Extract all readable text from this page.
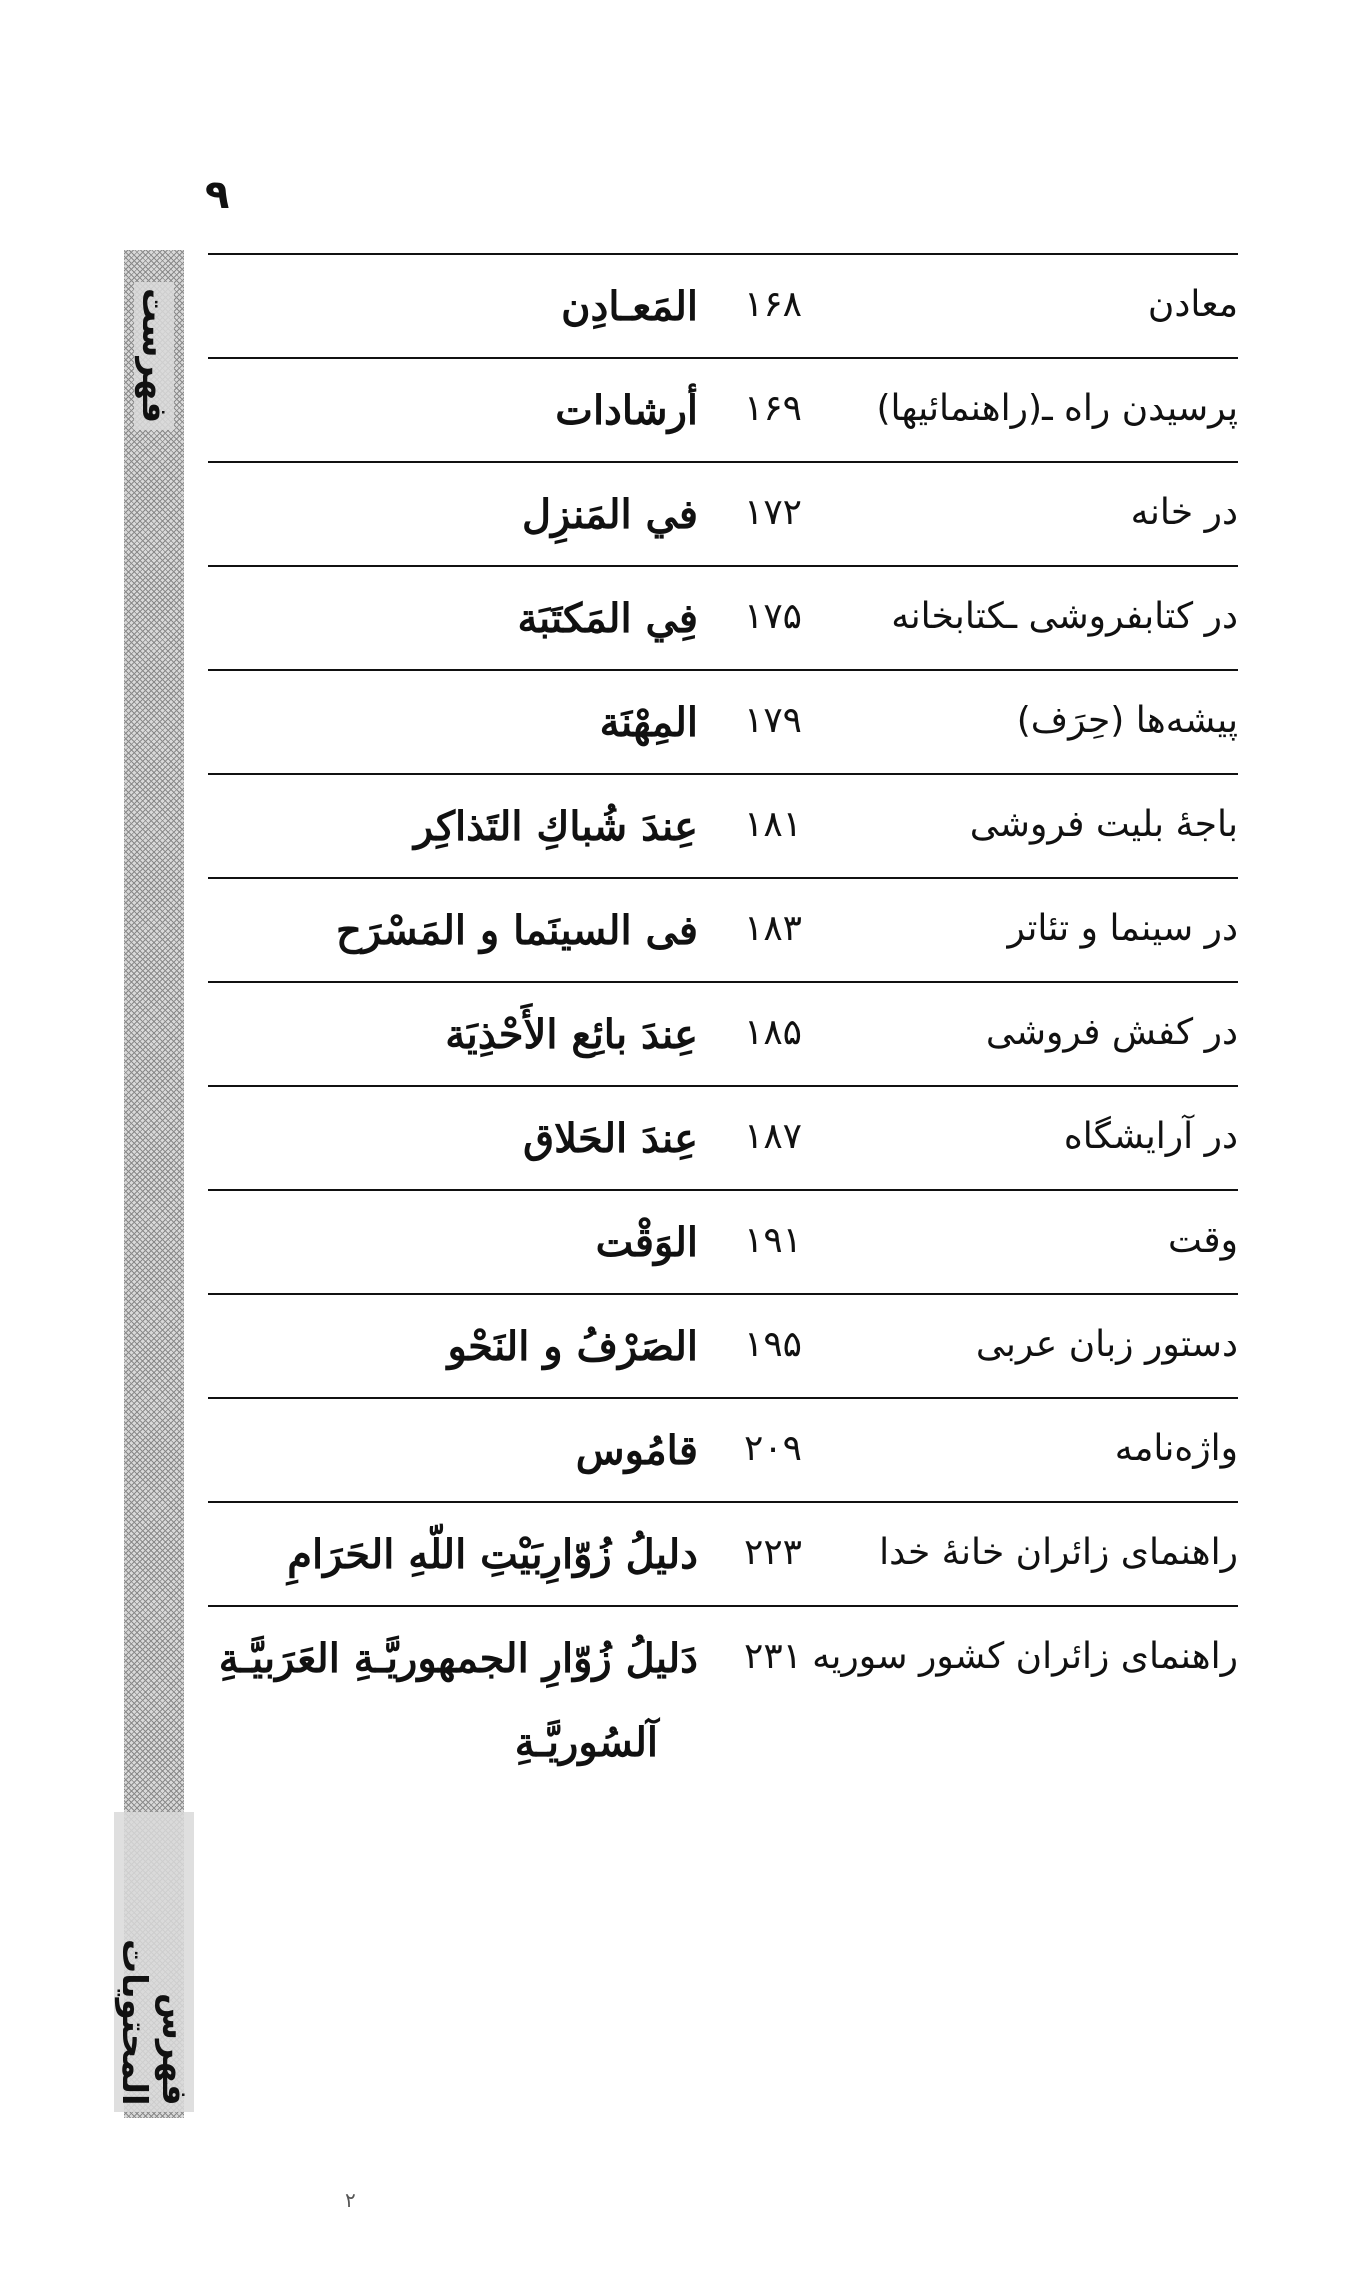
۹
فهرست
فهرس المحتويات
معادن
۱۶۸
المَعـادِن
پرسیدن راه ـ(راهنمائیها)
۱۶۹
أرشادات
در خانه
۱۷۲
في المَنزِل
در کتابفروشی ـکتابخانه
۱۷۵
فِي المَكتَبَة
پیشه‌ها (حِرَف)
۱۷۹
المِهْنَة
باجهٔ بلیت فروشی
۱۸۱
عِندَ شُباكِ التَذاكِر
در سینما و تئاتر
۱۸۳
فی السینَما و المَسْرَح
در کفش فروشی
۱۸۵
عِندَ بائِع الأَحْذِيَة
در آرایشگاه
۱۸۷
عِندَ الحَلاق
وقت
۱۹۱
الوَقْت
دستور زبان عربی
۱۹۵
الصَرْفُ و النَحْو
واژه‌نامه
۲۰۹
قامُوس
راهنمای زائران خانهٔ خدا
۲۲۳
دليلُ زُوّارِبَيْتِ اللّهِ الحَرَامِ
راهنمای زائران کشور سوریه
۲۳۱
دَليلُ زُوّارِ الجمهوريَّـةِ العَرَبيَّـةِ
آلسُوريَّـةِ
۲
